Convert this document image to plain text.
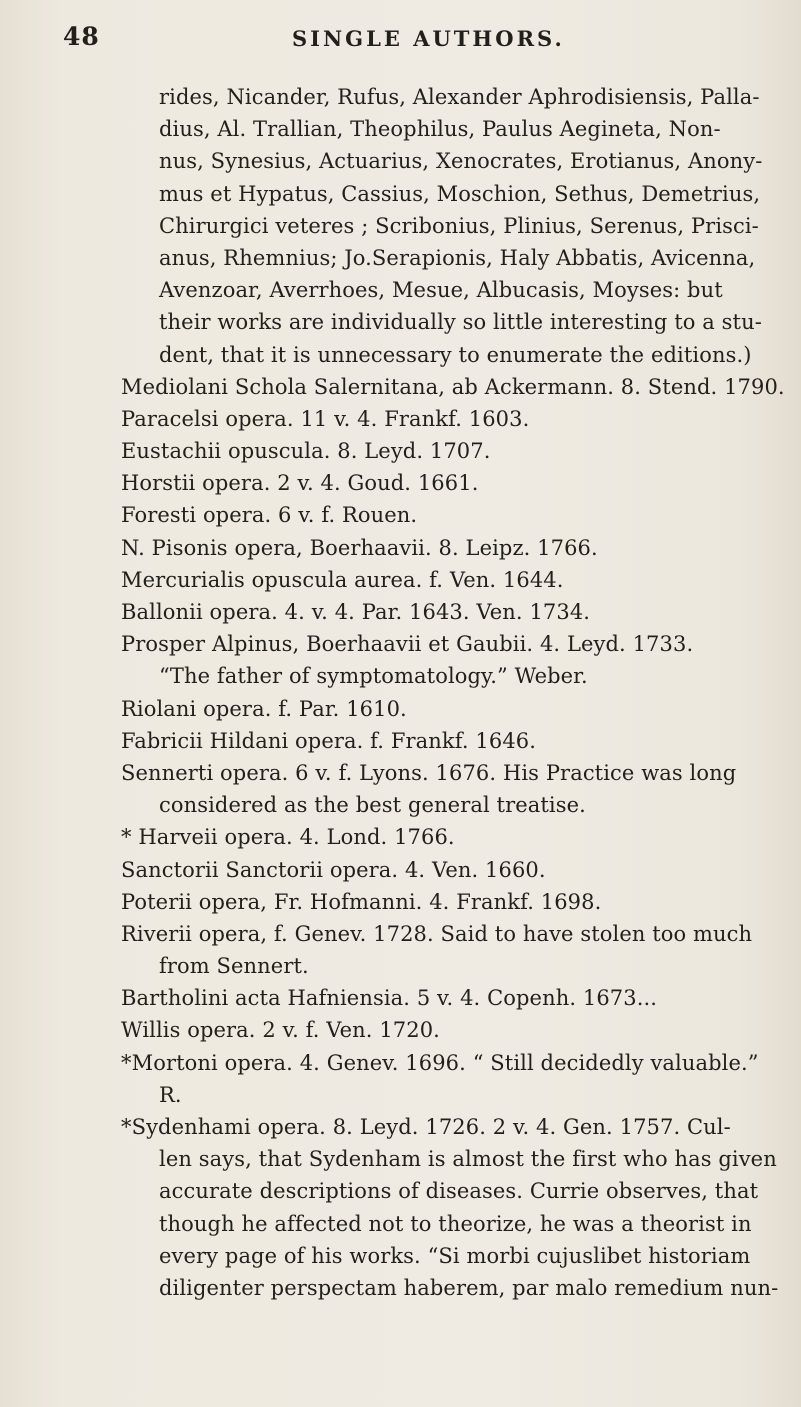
48	SINGLE AUTHORS.
rides, Nicander, Rufus, Alexander Aphrodisiensis, Palla-
dius, Al. Trallian, Theophilus, Paulus Aegineta, Non-
nus, Synesius, Actuarius, Xenocrates, Erotianus, Anony-
mus et Hypatus, Cassius, Moschion, Sethus, Demetrius,
Chirurgici veteres ; Scribonius, Plinius, Serenus, Prisci-
anus, Rhemnius; Jo.Serapionis, Haly Abbatis, Avicenna,
Avenzoar, Averrhoes, Mesue, Albucasis, Moyses: but
their works are individually so little interesting to a stu-
dent, that it is unnecessary to enumerate the editions.)
Mediolani Schola Salernitana, ab Ackermann. 8. Stend. 1790.
Paracelsi opera. 11 v. 4. Frankf. 1603.
Eustachii opuscula. 8. Leyd. 1707.
Horstii opera. 2 v. 4. Goud. 1661.
Foresti opera. 6 v. f. Rouen.
N. Pisonis opera, Boerhaavii. 8. Leipz. 1766.
Mercurialis opuscula aurea. f. Ven. 1644.
Ballonii opera. 4. v. 4. Par. 1643. Ven. 1734.
Prosper Alpinus, Boerhaavii et Gaubii. 4. Leyd. 1733.
“The father of symptomatology.” Weber.
Riolani opera. f. Par. 1610.
Fabricii Hildani opera. f. Frankf. 1646.
Sennerti opera. 6 v. f. Lyons. 1676. His Practice was long
considered as the best general treatise.
* Harveii opera. 4. Lond. 1766.
Sanctorii Sanctorii opera. 4. Ven. 1660.
Poterii opera, Fr. Hofmanni. 4. Frankf. 1698.
Riverii opera, f. Genev. 1728. Said to have stolen too much
from Sennert.
Bartholini acta Hafniensia. 5 v. 4. Copenh. 1673...
Willis opera. 2 v. f. Ven. 1720.
*Mortoni opera. 4. Genev. 1696. “ Still decidedly valuable.”
R.
*Sydenhami opera. 8. Leyd. 1726. 2 v. 4. Gen. 1757. Cul-
len says, that Sydenham is almost the first who has given
accurate descriptions of diseases. Currie observes, that
though he affected not to theorize, he was a theorist in
every page of his works. “Si morbi cujuslibet historiam
diligenter perspectam haberem, par malo remedium nun-
